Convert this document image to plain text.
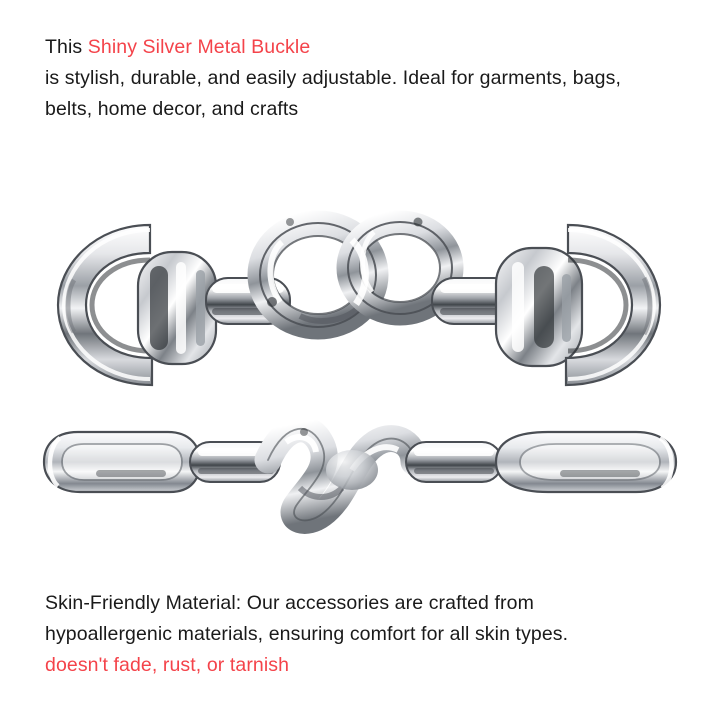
This Shiny Silver Metal Buckle
is stylish, durable, and easily adjustable. Ideal for garments, bags,
belts, home decor, and crafts
Skin-Friendly Material: Our accessories are crafted from
hypoallergenic materials, ensuring comfort for all skin types.
doesn't fade, rust, or tarnish
